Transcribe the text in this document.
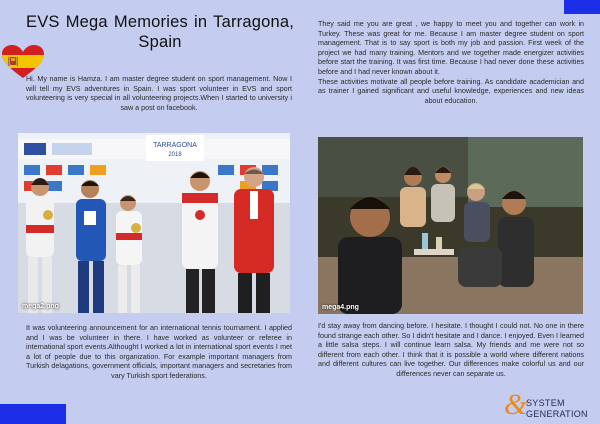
EVS Mega Memories in Tarragona,
Spain

Hi. My name is Hamza. I am master degree student on sport management. Now I will tell my EVS adventures in Spain. I was sport volunteer in EVS and sport volunteering is very special in all volunteering projects.When I started to university i saw a post on facebook.

TARRAGONA
2018
mega2.png

It was volunteering announcement for an international tennis tournament. I applied and I was be volunteer in there. I have worked as volunteer or referee in international sport events.Althought I worked a lot in international sport events I met a lot of people due to this organization. For example important managers from Turkish delagations, government officials, important managers and secretaries from vary Turkish sport federations.

They said me you are great , we happy to meet you and together can work in Turkey. These was great for me. Because I am master degree student on sport management. That is to say sport is both my job and passion. First week of the project we had many training. Mentors and we together made energizer activities before start the training. It was first time. Because I had never done these activities before and I had never known about it.
These activities motivate all people before training. As candidate academician and as trainer I gained significant and useful knowledge, experiences and new ideas about education.

mega4.png

I'd stay away from dancing before. I hesitate. I thought I could not. No one in there found strange each other. So I didn't hesitate and I dance. I enjoyed. Even I learned a little salsa steps. I will continue learn salsa. My friends and me were not so different from each other. I think that it is possible a world where different nations and different cultures can live together. Our differences make colorful us and our differences never can separate us.

&
SYSTEM
GENERATION
